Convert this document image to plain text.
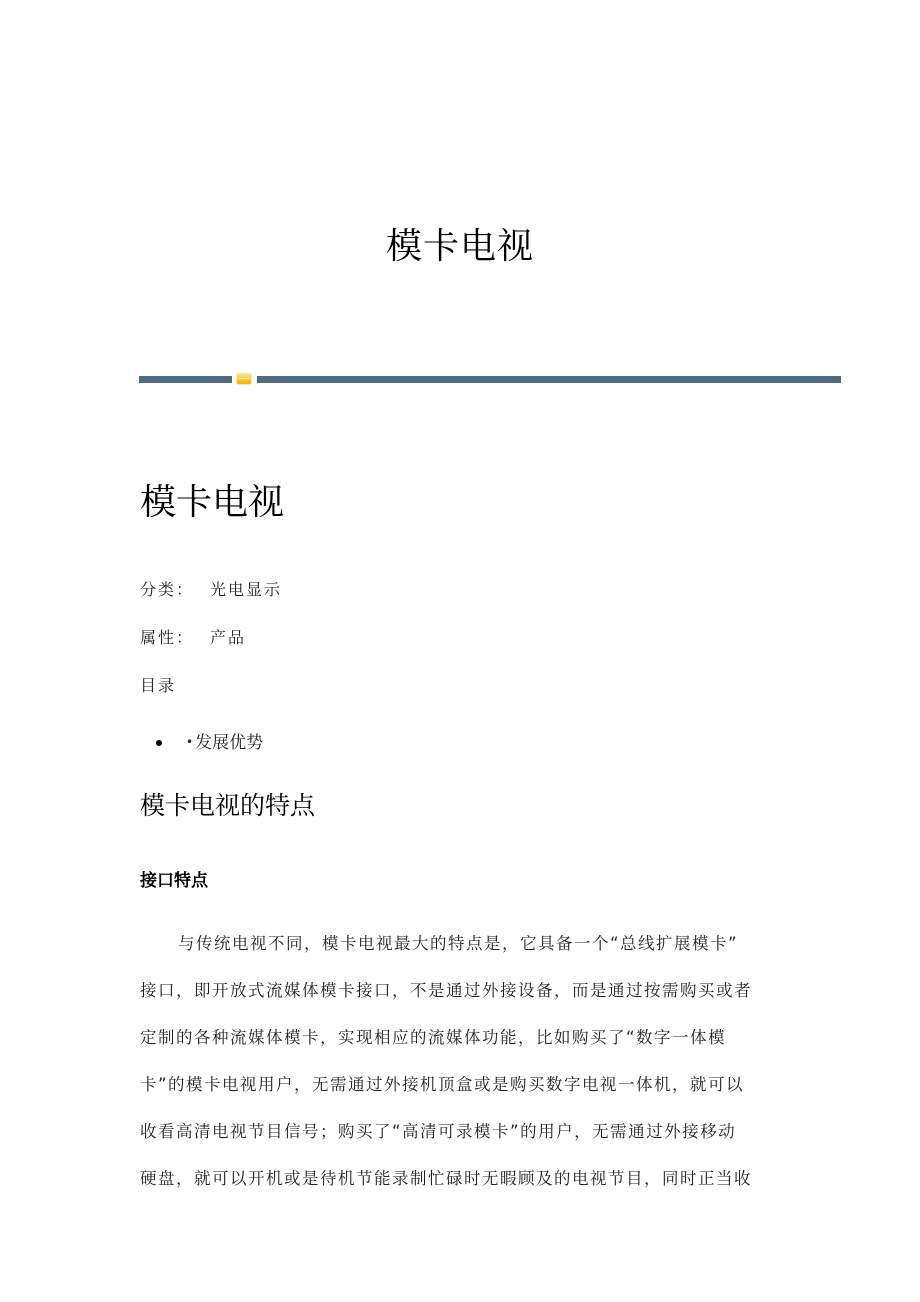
模卡电视
模卡电视
分类： 光电显示
属性： 产品
目录
• 发展优势
模卡电视的特点
接口特点
与传统电视不同，模卡电视最大的特点是，它具备一个“总线扩展模卡”
接口，即开放式流媒体模卡接口，不是通过外接设备，而是通过按需购买或者
定制的各种流媒体模卡，实现相应的流媒体功能，比如购买了“数字一体模
卡”的模卡电视用户，无需通过外接机顶盒或是购买数字电视一体机，就可以
收看高清电视节目信号；购买了“高清可录模卡”的用户，无需通过外接移动
硬盘，就可以开机或是待机节能录制忙碌时无暇顾及的电视节目，同时正当收
